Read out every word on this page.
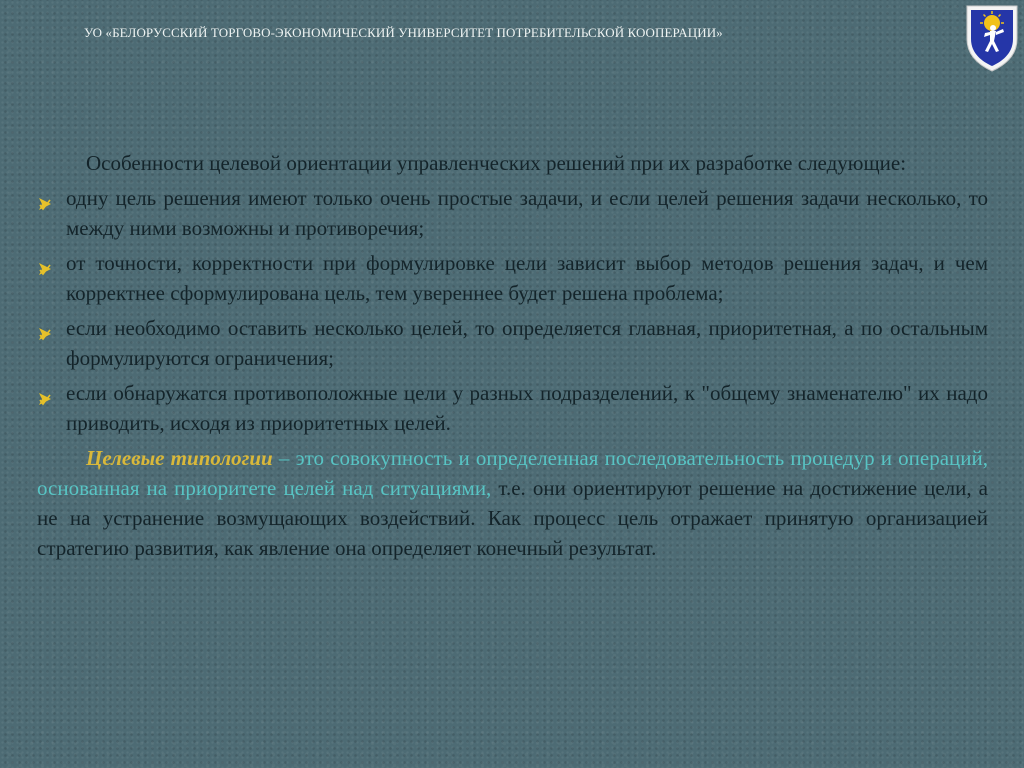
УО «БЕЛОРУССКИЙ ТОРГОВО-ЭКОНОМИЧЕСКИЙ УНИВЕРСИТЕТ ПОТРЕБИТЕЛЬСКОЙ КООПЕРАЦИИ»

Особенности целевой ориентации управленческих решений при их разработке следующие:

одну цель решения имеют только очень простые задачи, и если целей решения задачи несколько, то между ними возможны и противоречия;
от точности, корректности при формулировке цели зависит выбор методов решения задач, и чем корректнее сформулирована цель, тем увереннее будет решена проблема;
если необходимо оставить несколько целей, то определяется главная, приоритетная, а по остальным формулируются ограничения;
если обнаружатся противоположные цели у разных подразделений, к "общему знаменателю" их надо приводить, исходя из приоритетных целей.

Целевые типологии – это совокупность и определенная последовательность процедур и операций, основанная на приоритете целей над ситуациями, т.е. они ориентируют решение на достижение цели, а не на устранение возмущающих воздействий. Как процесс цель отражает принятую организацией стратегию развития, как явление она определяет конечный результат.
